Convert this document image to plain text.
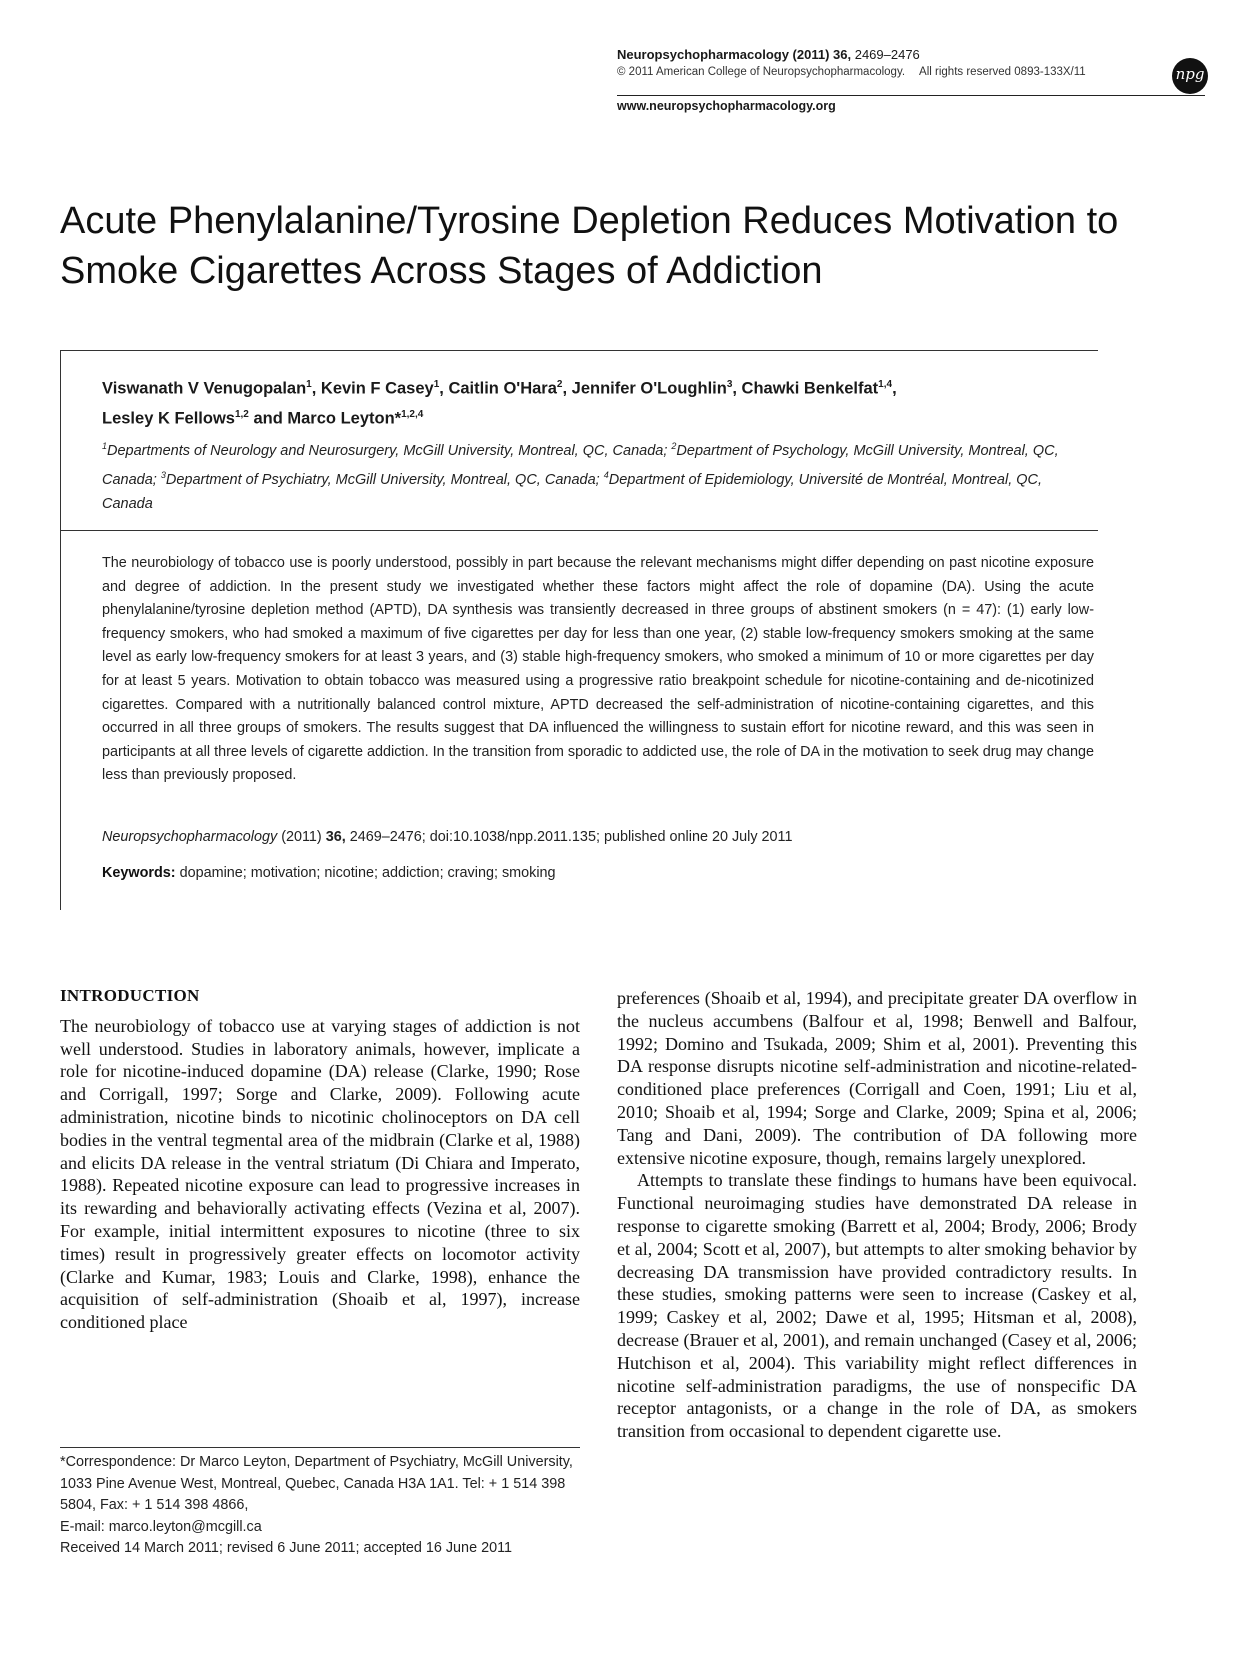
Neuropsychopharmacology (2011) 36, 2469–2476
© 2011 American College of Neuropsychopharmacology. All rights reserved 0893-133X/11	npg
www.neuropsychopharmacology.org
Acute Phenylalanine/Tyrosine Depletion Reduces Motivation to Smoke Cigarettes Across Stages of Addiction
Viswanath V Venugopalan$^1$, Kevin F Casey$^1$, Caitlin O'Hara$^2$, Jennifer O'Loughlin$^3$, Chawki Benkelfat$^{1,4}$,
Lesley K Fellows$^{1,2}$ and Marco Leyton*$^{1,2,4}$
$^1$Departments of Neurology and Neurosurgery, McGill University, Montreal, QC, Canada; $^2$Department of Psychology, McGill University, Montreal, QC, Canada; $^3$Department of Psychiatry, McGill University, Montreal, QC, Canada; $^4$Department of Epidemiology, Université de Montréal, Montreal, QC, Canada
The neurobiology of tobacco use is poorly understood, possibly in part because the relevant mechanisms might differ depending on past nicotine exposure and degree of addiction. In the present study we investigated whether these factors might affect the role of dopamine (DA). Using the acute phenylalanine/tyrosine depletion method (APTD), DA synthesis was transiently decreased in three groups of abstinent smokers (n = 47): (1) early low-frequency smokers, who had smoked a maximum of five cigarettes per day for less than one year, (2) stable low-frequency smokers smoking at the same level as early low-frequency smokers for at least 3 years, and (3) stable high-frequency smokers, who smoked a minimum of 10 or more cigarettes per day for at least 5 years. Motivation to obtain tobacco was measured using a progressive ratio breakpoint schedule for nicotine-containing and de-nicotinized cigarettes. Compared with a nutritionally balanced control mixture, APTD decreased the self-administration of nicotine-containing cigarettes, and this occurred in all three groups of smokers. The results suggest that DA influenced the willingness to sustain effort for nicotine reward, and this was seen in participants at all three levels of cigarette addiction. In the transition from sporadic to addicted use, the role of DA in the motivation to seek drug may change less than previously proposed.
Neuropsychopharmacology (2011) 36, 2469–2476; doi:10.1038/npp.2011.135; published online 20 July 2011
Keywords: dopamine; motivation; nicotine; addiction; craving; smoking
INTRODUCTION

The neurobiology of tobacco use at varying stages of addiction is not well understood. Studies in laboratory animals, however, implicate a role for nicotine-induced dopamine (DA) release (Clarke, 1990; Rose and Corrigall, 1997; Sorge and Clarke, 2009). Following acute administration, nicotine binds to nicotinic cholinoceptors on DA cell bodies in the ventral tegmental area of the midbrain (Clarke et al, 1988) and elicits DA release in the ventral striatum (Di Chiara and Imperato, 1988). Repeated nicotine exposure can lead to progressive increases in its rewarding and behaviorally activating effects (Vezina et al, 2007). For example, initial intermittent exposures to nicotine (three to six times) result in progressively greater effects on locomotor activity (Clarke and Kumar, 1983; Louis and Clarke, 1998), enhance the acquisition of self-administration (Shoaib et al, 1997), increase conditioned place

preferences (Shoaib et al, 1994), and precipitate greater DA overflow in the nucleus accumbens (Balfour et al, 1998; Benwell and Balfour, 1992; Domino and Tsukada, 2009; Shim et al, 2001). Preventing this DA response disrupts nicotine self-administration and nicotine-related-conditioned place preferences (Corrigall and Coen, 1991; Liu et al, 2010; Shoaib et al, 1994; Sorge and Clarke, 2009; Spina et al, 2006; Tang and Dani, 2009). The contribution of DA following more extensive nicotine exposure, though, remains largely unexplored.

Attempts to translate these findings to humans have been equivocal. Functional neuroimaging studies have demonstrated DA release in response to cigarette smoking (Barrett et al, 2004; Brody, 2006; Brody et al, 2004; Scott et al, 2007), but attempts to alter smoking behavior by decreasing DA transmission have provided contradictory results. In these studies, smoking patterns were seen to increase (Caskey et al, 1999; Caskey et al, 2002; Dawe et al, 1995; Hitsman et al, 2008), decrease (Brauer et al, 2001), and remain unchanged (Casey et al, 2006; Hutchison et al, 2004). This variability might reflect differences in nicotine self-administration paradigms, the use of nonspecific DA receptor antagonists, or a change in the role of DA, as smokers transition from occasional to dependent cigarette use.

*Correspondence: Dr Marco Leyton, Department of Psychiatry, McGill University, 1033 Pine Avenue West, Montreal, Quebec, Canada H3A 1A1. Tel: + 1 514 398 5804, Fax: + 1 514 398 4866,
E-mail: marco.leyton@mcgill.ca
Received 14 March 2011; revised 6 June 2011; accepted 16 June 2011
